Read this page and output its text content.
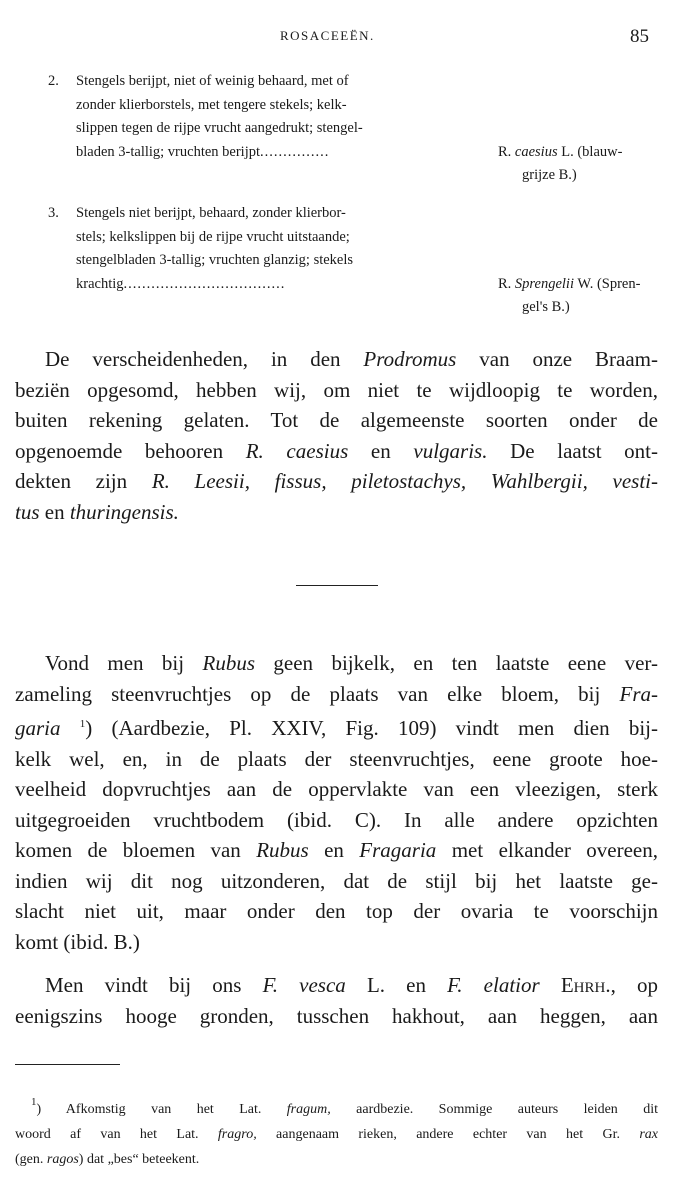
ROSACEEËN.	85
2. Stengels berijpt, niet of weinig behaard, met of
zonder klierborstels, met tengere stekels; kelk-
slippen tegen de rijpe vrucht aangedrukt; stengel-
bladen 3-tallig; vruchten berijpt...............	R. caesius L. (blauw-
grijze B.)
3. Stengels niet berijpt, behaard, zonder klierbor-
stels; kelkslippen bij de rijpe vrucht uitstaande;
stengelbladen 3-tallig; vruchten glanzig; stekels
krachtig...................................	R. Sprengelii W. (Spren-
gel's B.)
De verscheidenheden, in den Prodromus van onze Braam-
beziën opgesomd, hebben wij, om niet te wijdloopig te worden,
buiten rekening gelaten. Tot de algemeenste soorten onder de
opgenoemde behooren R. caesius en vulgaris. De laatst ont-
dekten zijn R. Leesii, fissus, piletostachys, Wahlbergii, vesti-
tus en thuringensis.
Vond men bij Rubus geen bijkelk, en ten laatste eene ver-
zameling steenvruchtjes op de plaats van elke bloem, bij Fra-
garia $^1$) (Aardbezie, Pl. XXIV, Fig. 109) vindt men dien bij-
kelk wel, en, in de plaats der steenvruchtjes, eene groote hoe-
veelheid dopvruchtjes aan de oppervlakte van een vleezigen, sterk
uitgegroeiden vruchtbodem (ibid. C). In alle andere opzichten
komen de bloemen van Rubus en Fragaria met elkander overeen,
indien wij dit nog uitzonderen, dat de stijl bij het laatste ge-
slacht niet uit, maar onder den top der ovaria te voorschijn
komt (ibid. B.)
Men vindt bij ons F. vesca L. en F. elatior Ehrh., op
eenigszins hooge gronden, tusschen hakhout, aan heggen, aan
$^1$) Afkomstig van het Lat. fragum, aardbezie. Sommige auteurs leiden dit
woord af van het Lat. fragro, aangenaam rieken, andere echter van het Gr. rax
(gen. ragos) dat „bes“ beteekent.
